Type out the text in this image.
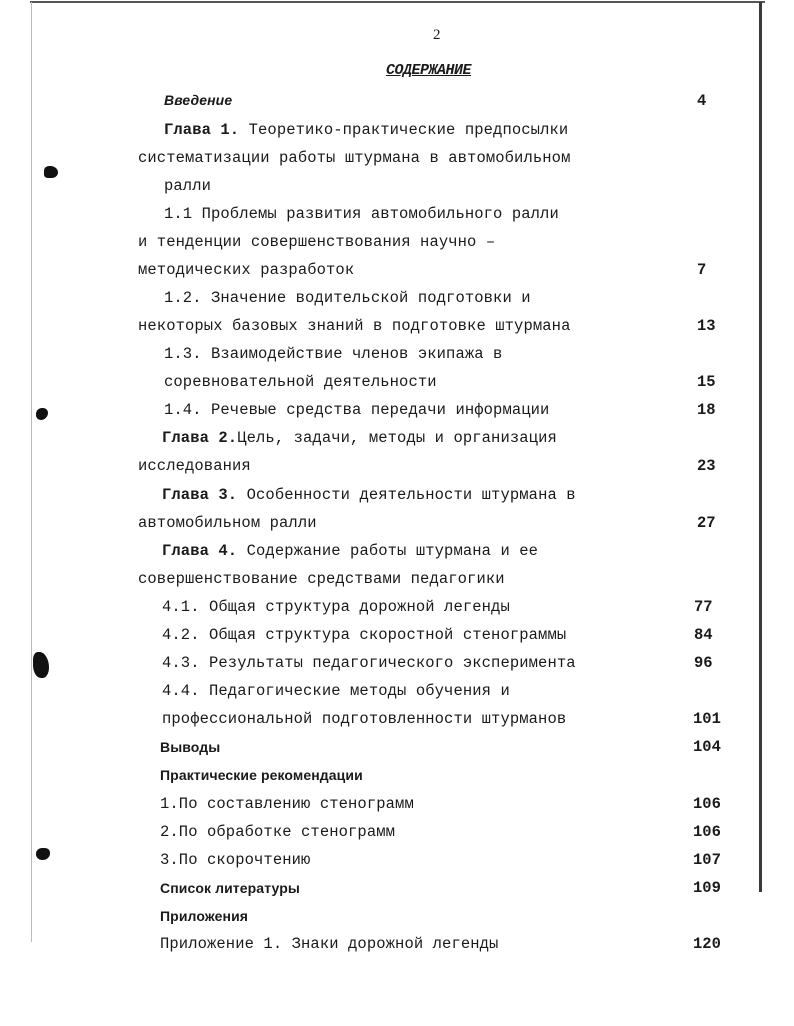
2
СОДЕРЖАНИЕ
Введение	4
Глава 1. Теоретико-практические предпосылки
систематизации работы штурмана в автомобильном
ралли
1.1 Проблемы развития автомобильного ралли
и тенденции совершенствования научно –
методических разработок	7
1.2. Значение водительской подготовки и
некоторых базовых знаний в подготовке штурмана	13
1.3. Взаимодействие членов экипажа в
соревновательной деятельности	15
1.4. Речевые средства передачи информации	18
Глава 2.Цель, задачи, методы и организация
исследования	23
Глава 3. Особенности деятельности штурмана в
автомобильном ралли	27
Глава 4. Содержание работы штурмана и ее
совершенствование средствами педагогики
4.1. Общая структура дорожной легенды	77
4.2. Общая структура скоростной стенограммы	84
4.3. Результаты педагогического эксперимента	96
4.4. Педагогические методы обучения и
профессиональной подготовленности штурманов	101
Выводы	104
Практические рекомендации
1.По составлению стенограмм	106
2.По обработке стенограмм	106
3.По скорочтению	107
Список литературы	109
Приложения
Приложение 1. Знаки дорожной легенды	120
